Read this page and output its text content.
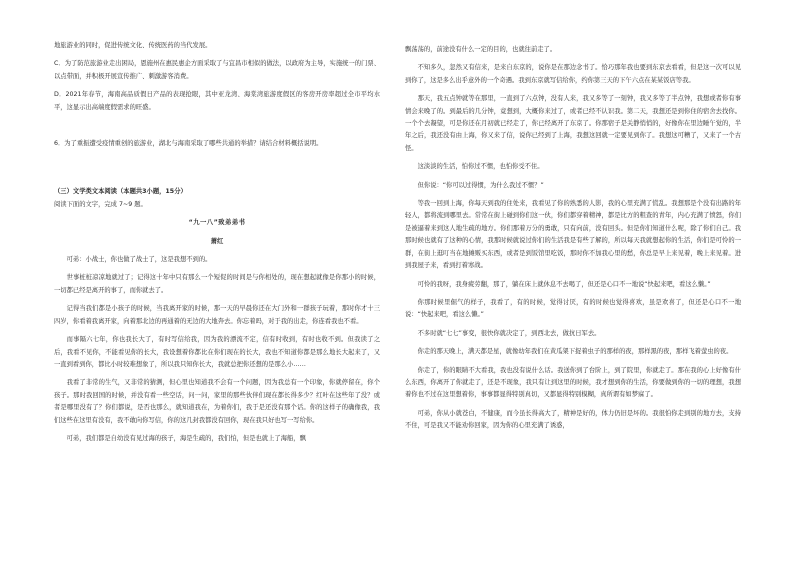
地旅游业的同时，促进传统文化、传统医药的当代发展。

C．为了防范旅游业走出困局，恩施州在惠民惠企方面采取了与宜昌市相似的做法，以政府为主导，实施统一的门票、以点带面，并积极开展宣传推广、刺激游客消费。

D．2021年春节，海南高品质假日产品的表现抢眼，其中亚龙湾、海棠湾旅游度假区的客房开房率超过全市平均水平，这显示出高端度假需求的旺盛。

6．为了重振遭受疫情重创的旅游业，湖北与海南采取了哪些共通的举措？请结合材料概括说明。

（三）文学类文本阅读（本题共3小题，15分）

阅读下面的文字，完成 7~9 题。

“九一八”致弟弟书

萧红

可弟：小战士，你也做了战士了，这是我想不到的。

世事桩桩凉凉地就过了；记得这十年中只有那么一个短促的时间是与你相处的，现在想起就像是你那小的时候，一切都已经是离开的事了，而你就去了。

记得当我们都是小孩子的时候，当我离开家的时候，那一天的早晨你还在大门外和一群孩子玩着，那时你才十三四岁，你看着我离开家，向着那北边的再通着的无边的大地奔去。你忘着吗，对于我的出走，你连看我也不看。

而事隔六七年，你也我长大了，有时写信给我，因为我的漂流不定，信有时收到，有时也收不到。但我读了之后，我看不见你，不能看见你的长大，我设想着你都比在你们现在的长大，我也不知道你都是那么地长大起来了，又一直到看到你，都比小时较难想象了，所以我只知你长大，我就总把你还想的是那么小……

我看了非常的生气，又非常的猜测，但心里也知道我不会有一个问题，因为我总有一个印象，你就停留在，你个孩子。那时我回国的时候，并没有看一些空话，问一问，家里的那些伙伴们现在都长得多少？红叶在这些年了没？或者是哪里没有了？你们都说，是否也那么，就知道我在，为着你们，我于是还没有那个话。你的这样子的确像我，我们这些在这里有没有，我不敢向你写信，你的这几封我都没有回你，现在我只好也写一写给你。

可弟，我们都是自幼没有见过海的孩子，海是生疏的，我们怕，但是也就上了海船，飘

飘荡荡的，前途没有什么一定的目的，也就往前走了。

不知多久，忽然又有信来，是来自东京的，说你是在那边念书了。恰巧那年我也要到东京去看看，但是这一次可以见到你了，这是多么出乎意外的一个奇遇。我到东京就写信给你，约你第三天的下午六点在某某饭店等我。

那天，我五点钟就等在那里，一直到了六点钟，没有人来，我又多等了一刻钟，我又多等了半点钟，我想或者你有事情会来晚了的。到最后的几分钟，竟想到，大概你来过了，或者已经不认识我。第二天，我想还是到你住的宿舍去找你。一个个去凝望，可是你还在月初就已经走了，你已经离开了东京了。你那宿子是关静悄悄的，好像你在里边睡午觉的，半年之后，我还没有由上海，你又来了信，说你已经到了上海，我想这回就一定要见到你了。我想这可糟了，又来了一个古怪。

这淡淡的生活，怕你过不惯，也怕你受不住。

但你说：“你可以过得惯，为什么我过不惯？”

等我一回到上海，你每天到我的住处来，我看见了你的熟悉的人影，我的心里充满了慌乱。我想那是个没有出路的年轻人，都将流到哪里去。常常在街上碰到你们这一伙，你们都穿着精神，都是比方的粗查的青年，内心充满了愤怒，你们是被逼着来到这人地生疏的地方。你们那着万分的勇敢，只有向前，没有回头。但是你们知道什么呢，除了你们自己。我那时候也就有了这种的心情，我那时候就说过你们的生活我是有些了解的，所以每天我就想起你的生活，你们是可怜的一群，在街上逛叮当在地摊贩买东西，或者是到饭馆里吃饭，那时你不加我心里的愁，你总是早上来见着，晚上来见着。进到我屋子来，看到打着寒战。

可怜的我呀，我身疲劳翻，那了，躺在床上就休息不去喝了，但还是心口不一地说“快起来吧，看这么懒。”

你那时候里倔气的样子，我看了，有的时候，觉得讨厌，有的时候也觉得喜欢，虽是欢喜了，但还是心口不一地说：“快起来吧，看这么懒。”

不多时就“七七”事变，很快你就决定了，到西北去，做抗日军去。

你走的那天晚上，满天都是星，就像幼年我们在黄瓜架下捉着虫子的那样的夜，那样黑的夜，那样飞着萤虫的夜。

你走了，你的眼睛不大看我，我也没有说什么话。我送你到了台阶上，到了院里，你就走了。那在我的心上好像有什么东西，你离开了你就走了，还是不现象，我只有让到这里的时候，我才想到你的生活，你要做到你的一切的理想，我想着你也不过在这里想着你，事事都显得特别真切，又都显得特别模糊，真所谓有如梦寐了。

可弟，你从小就苍白，不健康，而今虽长得高大了，精神是好的，体力仍旧是坏的。我很怕你走到别的地方去，支持不住，可是我又不能劝你回家，因为你的心里充满了诱惑，
